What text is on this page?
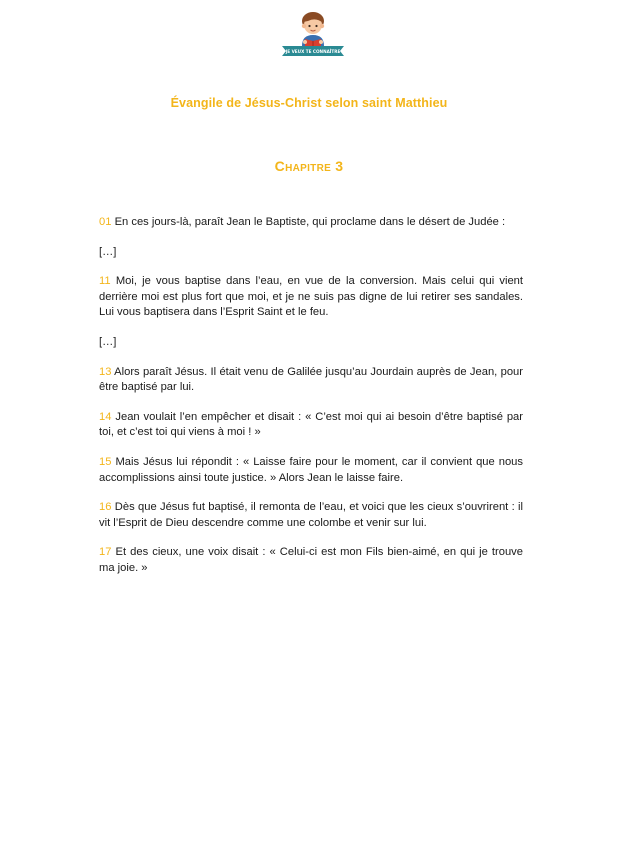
JE VEUX TE CONNAÎTRE
Évangile de Jésus-Christ selon saint Matthieu
Chapitre 3

01 En ces jours-là, paraît Jean le Baptiste, qui proclame dans le désert de Judée :

[…]

11 Moi, je vous baptise dans l’eau, en vue de la conversion. Mais celui qui vient derrière moi est plus fort que moi, et je ne suis pas digne de lui retirer ses sandales. Lui vous baptisera dans l’Esprit Saint et le feu.

[…]

13 Alors paraît Jésus. Il était venu de Galilée jusqu’au Jourdain auprès de Jean, pour être baptisé par lui.

14 Jean voulait l’en empêcher et disait : « C’est moi qui ai besoin d’être baptisé par toi, et c’est toi qui viens à moi ! »

15 Mais Jésus lui répondit : « Laisse faire pour le moment, car il convient que nous accomplissions ainsi toute justice. » Alors Jean le laisse faire.

16 Dès que Jésus fut baptisé, il remonta de l’eau, et voici que les cieux s’ouvrirent : il vit l’Esprit de Dieu descendre comme une colombe et venir sur lui.

17 Et des cieux, une voix disait : « Celui-ci est mon Fils bien-aimé, en qui je trouve ma joie. »
